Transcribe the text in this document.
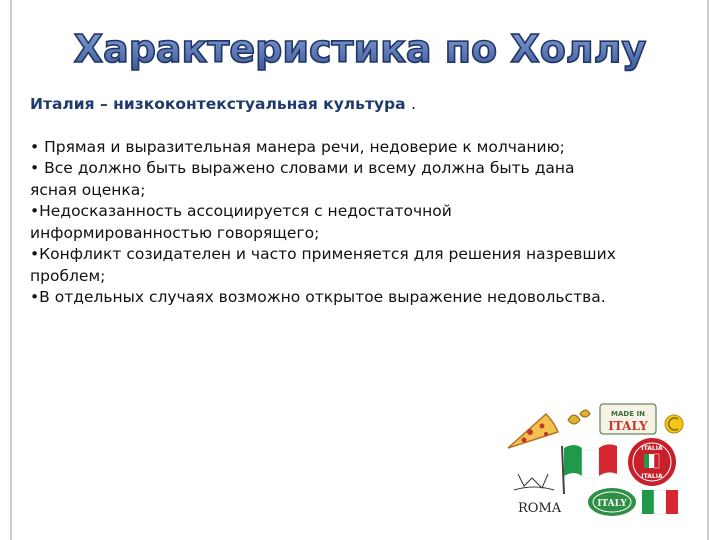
Характеристика по Холлу
Италия – низкоконтекстуальная культура .
• Прямая и выразительная манера речи, недоверие к молчанию;
• Все должно быть выражено словами и всему должна быть дана ясная оценка;
•Недосказанность ассоциируется с недостаточной информированностью говорящего;
•Конфликт созидателен и часто применяется для решения назревших проблем;
•В отдельных случаях возможно открытое выражение недовольства.
MADE IN
ITALY
ITALIA
ITALIA
ROMA	ITALY
